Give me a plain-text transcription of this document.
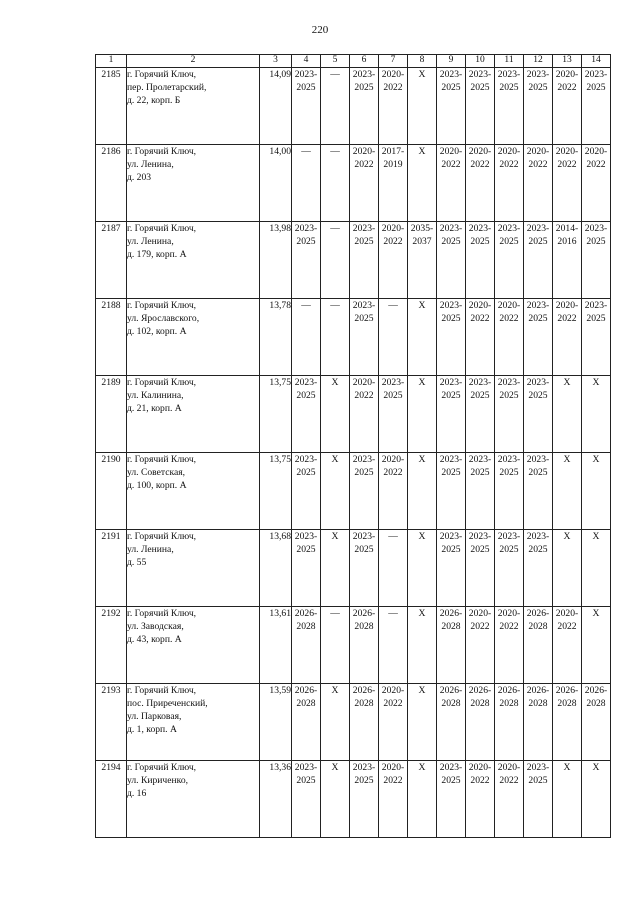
220
1	2	3	4	5	6	7	8	9	10	11	12	13	14
2185	г. Горячий Ключ,
пер. Пролетарский,
д. 22, корп. Б	14,09	2023-
2025	—	2023-
2025	2020-
2022	Х	2023-
2025	2023-
2025	2023-
2025	2023-
2025	2020-
2022	2023-
2025

2186	г. Горячий Ключ,
ул. Ленина,
д. 203	14,00	—	—	2020-
2022	2017-
2019	Х	2020-
2022	2020-
2022	2020-
2022	2020-
2022	2020-
2022	2020-
2022

2187	г. Горячий Ключ,
ул. Ленина,
д. 179, корп. А	13,98	2023-
2025	—	2023-
2025	2020-
2022	2035-
2037	2023-
2025	2023-
2025	2023-
2025	2023-
2025	2014-
2016	2023-
2025

2188	г. Горячий Ключ,
ул. Ярославского,
д. 102, корп. А	13,78	—	—	2023-
2025	—	Х	2023-
2025	2020-
2022	2020-
2022	2023-
2025	2020-
2022	2023-
2025

2189	г. Горячий Ключ,
ул. Калинина,
д. 21, корп. А	13,75	2023-
2025	Х	2020-
2022	2023-
2025	Х	2023-
2025	2023-
2025	2023-
2025	2023-
2025	Х	Х
2190	г. Горячий Ключ,
ул. Советская,
д. 100, корп. А	13,75	2023-
2025	Х	2023-
2025	2020-
2022	Х	2023-
2025	2023-
2025	2023-
2025	2023-
2025	Х	Х
2191	г. Горячий Ключ,
ул. Ленина,
д. 55	13,68	2023-
2025	Х	2023-
2025	—	Х	2023-
2025	2023-
2025	2023-
2025	2023-
2025	Х	Х
2192	г. Горячий Ключ,
ул. Заводская,
д. 43, корп. А	13,61	2026-
2028	—	2026-
2028	—	Х	2026-
2028	2020-
2022	2020-
2022	2026-
2028	2020-
2022	Х
2193	г. Горячий Ключ,
пос. Приреченский,
ул. Парковая,
д. 1, корп. А	13,59	2026-
2028	Х	2026-
2028	2020-
2022	Х	2026-
2028	2026-
2028	2026-
2028	2026-
2028	2026-
2028	2026-
2028

2194	г. Горячий Ключ,
ул. Кириченко,
д. 16	13,36	2023-
2025	Х	2023-
2025	2020-
2022	Х	2023-
2025	2020-
2022	2020-
2022	2023-
2025	Х	Х
